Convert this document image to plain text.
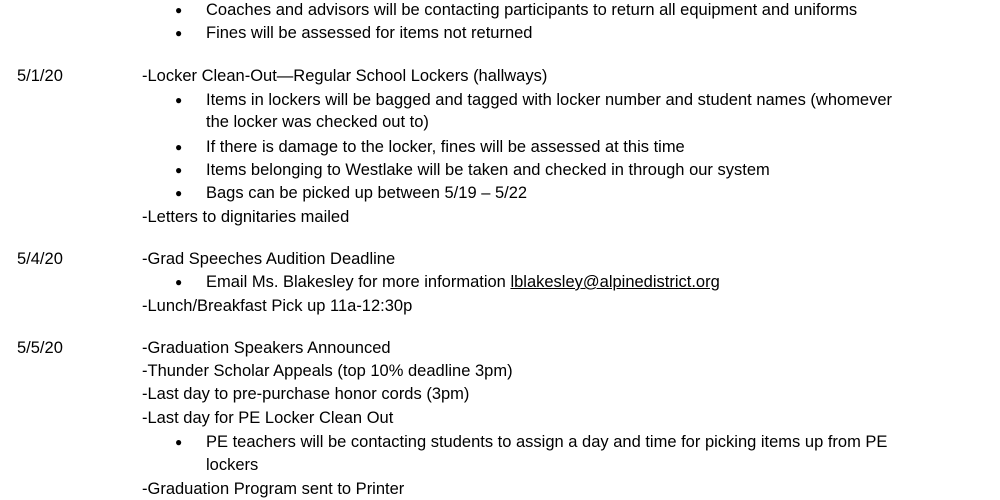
● Coaches and advisors will be contacting participants to return all equipment and uniforms
● Fines will be assessed for items not returned
5/1/20	-Locker Clean-Out—Regular School Lockers (hallways)
● Items in lockers will be bagged and tagged with locker number and student names (whomever
the locker was checked out to)
● If there is damage to the locker, fines will be assessed at this time
● Items belonging to Westlake will be taken and checked in through our system
● Bags can be picked up between 5/19 – 5/22
-Letters to dignitaries mailed
5/4/20	-Grad Speeches Audition Deadline
● Email Ms. Blakesley for more information lblakesley@alpinedistrict.org
-Lunch/Breakfast Pick up 11a-12:30p
5/5/20	-Graduation Speakers Announced
-Thunder Scholar Appeals (top 10% deadline 3pm)
-Last day to pre-purchase honor cords (3pm)
-Last day for PE Locker Clean Out
● PE teachers will be contacting students to assign a day and time for picking items up from PE
lockers
-Graduation Program sent to Printer
